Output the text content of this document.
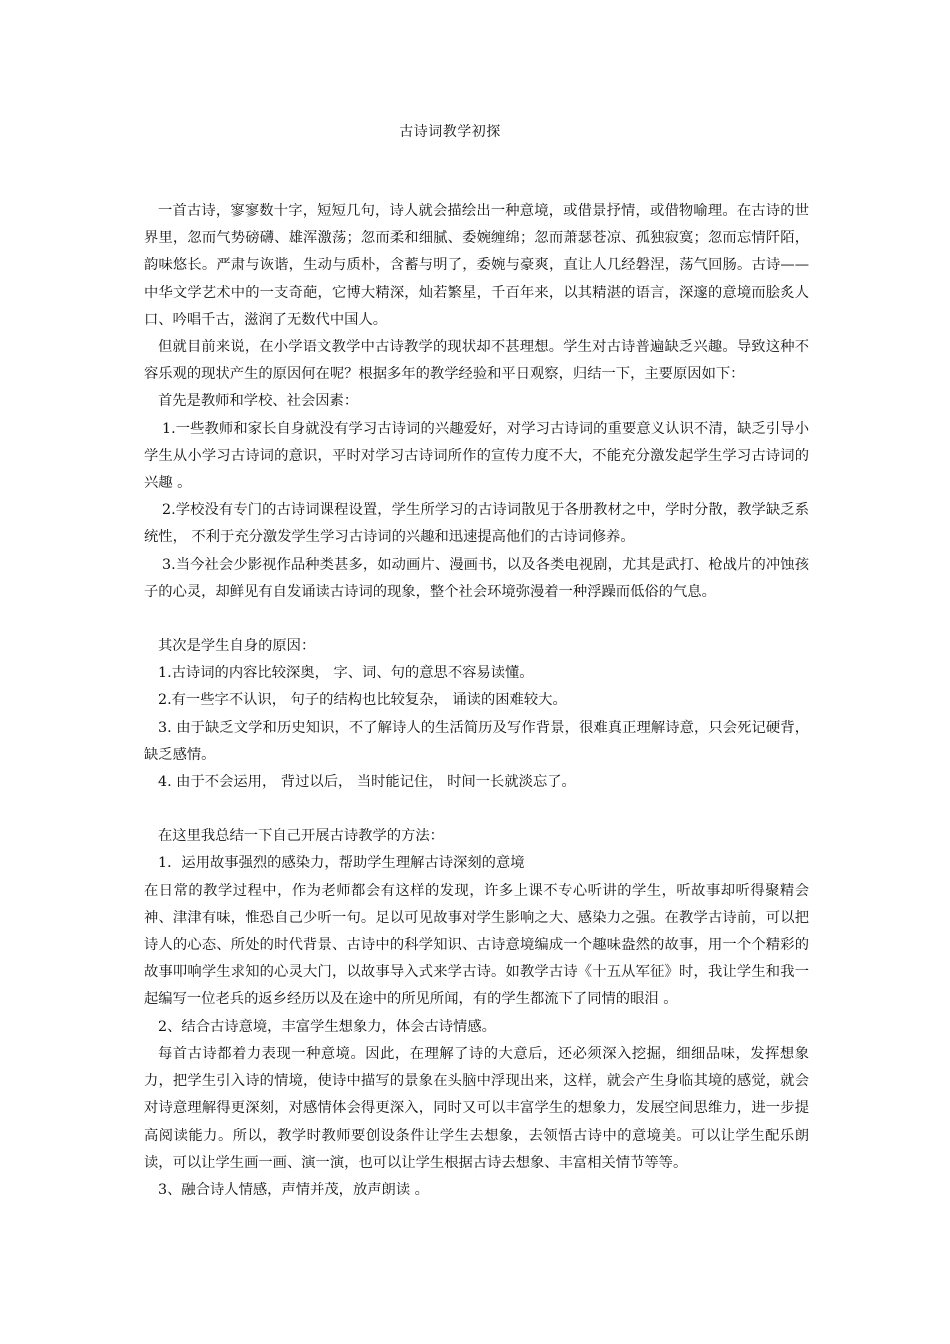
古诗词教学初探

一首古诗，寥寥数十字，短短几句，诗人就会描绘出一种意境，或借景抒情，或借物喻理。在古诗的世界里，忽而气势磅礴、雄浑激荡；忽而柔和细腻、委婉缠绵；忽而萧瑟苍凉、孤独寂寞；忽而忘情阡陌，韵味悠长。严肃与诙谐，生动与质朴，含蓄与明了，委婉与豪爽，直让人几经磐涅，荡气回肠。古诗——中华文学艺术中的一支奇葩，它博大精深，灿若繁星，千百年来，以其精湛的语言，深邃的意境而脍炙人口、吟唱千古，滋润了无数代中国人。

但就目前来说，在小学语文教学中古诗教学的现状却不甚理想。学生对古诗普遍缺乏兴趣。导致这种不容乐观的现状产生的原因何在呢？根据多年的教学经验和平日观察，归结一下，主要原因如下：

首先是教师和学校、社会因素：

1.一些教师和家长自身就没有学习古诗词的兴趣爱好，对学习古诗词的重要意义认识不清，缺乏引导小学生从小学习古诗词的意识，平时对学习古诗词所作的宣传力度不大，不能充分激发起学生学习古诗词的兴趣 。

2.学校没有专门的古诗词课程设置，学生所学习的古诗词散见于各册教材之中，学时分散，教学缺乏系统性， 不利于充分激发学生学习古诗词的兴趣和迅速提高他们的古诗词修养。

3.当今社会少影视作品种类甚多，如动画片、漫画书，以及各类电视剧，尤其是武打、枪战片的冲蚀孩子的心灵，却鲜见有自发诵读古诗词的现象，整个社会环境弥漫着一种浮躁而低俗的气息。

其次是学生自身的原因：

1.古诗词的内容比较深奥， 字、词、句的意思不容易读懂。

2.有一些字不认识， 句子的结构也比较复杂， 诵读的困难较大。

3. 由于缺乏文学和历史知识，不了解诗人的生活简历及写作背景，很难真正理解诗意，只会死记硬背，缺乏感情。

4. 由于不会运用， 背过以后， 当时能记住， 时间一长就淡忘了。

在这里我总结一下自己开展古诗教学的方法：

1．运用故事强烈的感染力，帮助学生理解古诗深刻的意境

在日常的教学过程中，作为老师都会有这样的发现，许多上课不专心听讲的学生，听故事却听得聚精会神、津津有味，惟恐自己少听一句。足以可见故事对学生影响之大、感染力之强。在教学古诗前，可以把诗人的心态、所处的时代背景、古诗中的科学知识、古诗意境编成一个趣味盎然的故事，用一个个精彩的故事叩响学生求知的心灵大门，以故事导入式来学古诗。如教学古诗《十五从军征》时，我让学生和我一起编写一位老兵的返乡经历以及在途中的所见所闻，有的学生都流下了同情的眼泪 。

2、结合古诗意境，丰富学生想象力，体会古诗情感。

每首古诗都着力表现一种意境。因此，在理解了诗的大意后，还必须深入挖掘，细细品味，发挥想象力，把学生引入诗的情境，使诗中描写的景象在头脑中浮现出来，这样，就会产生身临其境的感觉，就会对诗意理解得更深刻，对感情体会得更深入，同时又可以丰富学生的想象力，发展空间思维力，进一步提高阅读能力。所以，教学时教师要创设条件让学生去想象，去领悟古诗中的意境美。可以让学生配乐朗读，可以让学生画一画、演一演，也可以让学生根据古诗去想象、丰富相关情节等等。

3、融合诗人情感，声情并茂，放声朗读 。
